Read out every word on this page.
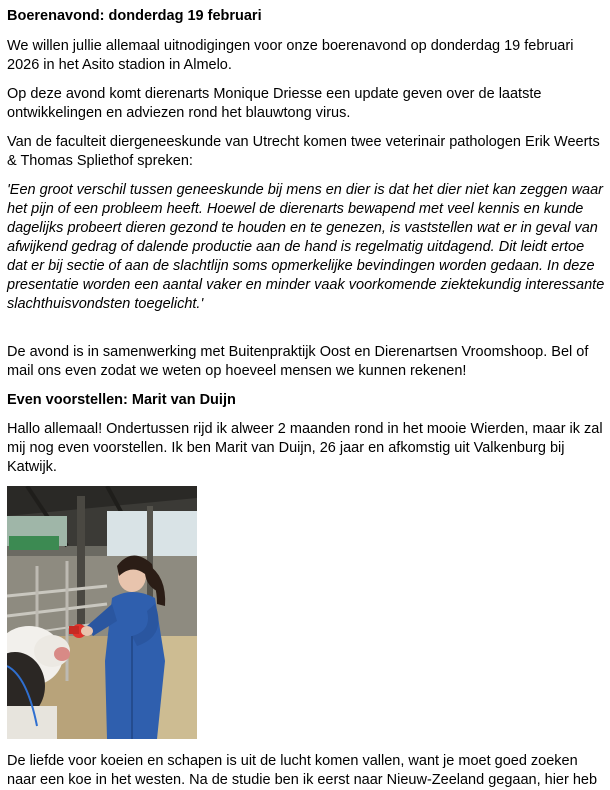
Boerenavond: donderdag 19 februari

We willen jullie allemaal uitnodigingen voor onze boerenavond op donderdag 19 februari

2026 in het Asito stadion in Almelo.

Op deze avond komt dierenarts Monique Driesse een update geven over de laatste

ontwikkelingen en adviezen rond het blauwtong virus.

Van de faculteit diergeneeskunde van Utrecht komen twee veterinair pathologen Erik Weerts

& Thomas Spliethof spreken:

'Een groot verschil tussen geneeskunde bij mens en dier is dat het dier niet kan zeggen waar

het pijn of een probleem heeft. Hoewel de dierenarts bewapend met veel kennis en kunde

dagelijks probeert dieren gezond te houden en te genezen, is vaststellen wat er in geval van

afwijkend gedrag of dalende productie aan de hand is regelmatig uitdagend. Dit leidt ertoe

dat er bij sectie of aan de slachtlijn soms opmerkelijke bevindingen worden gedaan. In deze

presentatie worden een aantal vaker en minder vaak voorkomende ziektekundig interessante

slachthuisvondsten toegelicht.'

De avond is in samenwerking met Buitenpraktijk Oost en Dierenartsen Vroomshoop. Bel of

mail ons even zodat we weten op hoeveel mensen we kunnen rekenen!

Even voorstellen: Marit van Duijn

Hallo allemaal! Ondertussen rijd ik alweer 2 maanden rond in het mooie Wierden, maar ik zal

mij nog even voorstellen. Ik ben Marit van Duijn, 26 jaar en afkomstig uit Valkenburg bij

Katwijk.

De liefde voor koeien en schapen is uit de lucht komen vallen, want je moet goed zoeken

naar een koe in het westen. Na de studie ben ik eerst naar Nieuw-Zeeland gegaan, hier heb
